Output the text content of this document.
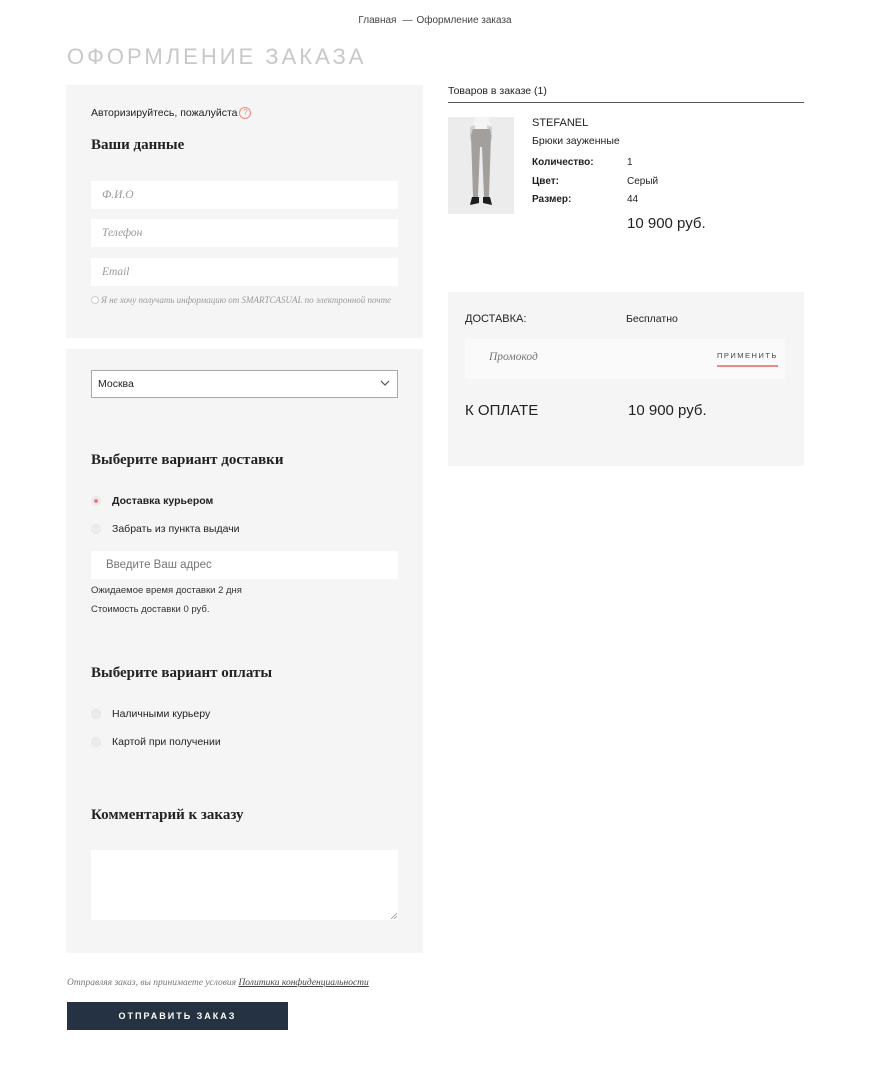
Главная — Оформление заказа
ОФОРМЛЕНИЕ ЗАКАЗА
Авторизируйтесь, пожалуйста ?
Ваши данные
Ф.И.О
Телефон
Email
Я не хочу получать информацию от SMARTCASUAL по электронной почте
Москва
Выберите вариант доставки
Доставка курьером
Забрать из пункта выдачи
Введите Ваш адрес
Ожидаемое время доставки 2 дня
Стоимость доставки 0 руб.
Выберите вариант оплаты
Наличными курьеру
Картой при получении
Комментарий к заказу
Отправляя заказ, вы принимаете условия Политики конфиденциальности
ОТПРАВИТЬ ЗАКАЗ
Товаров в заказе (1)
STEFANEL
Брюки зауженные
Количество:	1
Цвет:	Серый
Размер:	44
10 900 руб.
ДОСТАВКА:	Бесплатно
Промокод
ПРИМЕНИТЬ
К ОПЛАТЕ	10 900 руб.
